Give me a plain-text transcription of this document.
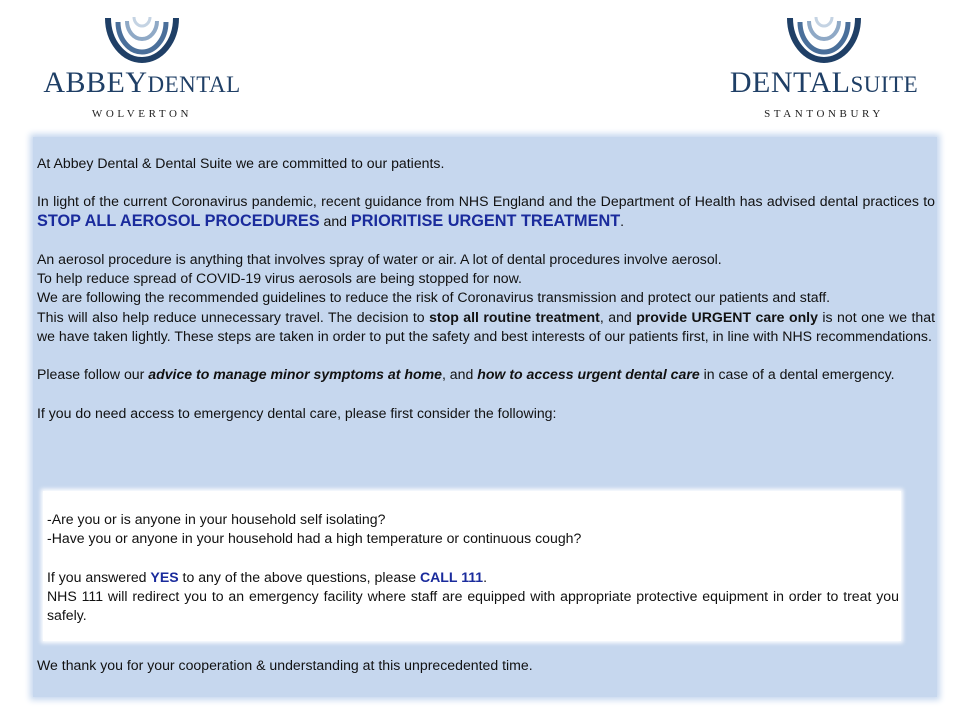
ABBEYDENTAL
WOLVERTON
DENTALSUITE
STANTONBURY

At Abbey Dental & Dental Suite we are committed to our patients.

In light of the current Coronavirus pandemic, recent guidance from NHS England and the Department of Health has advised dental practices to STOP ALL AEROSOL PROCEDURES and PRIORITISE URGENT TREATMENT.

An aerosol procedure is anything that involves spray of water or air. A lot of dental procedures involve aerosol.

To help reduce spread of COVID-19 virus aerosols are being stopped for now.

We are following the recommended guidelines to reduce the risk of Coronavirus transmission and protect our patients and staff.

This will also help reduce unnecessary travel. The decision to stop all routine treatment, and provide URGENT care only is not one we that we have taken lightly. These steps are taken in order to put the safety and best interests of our patients first, in line with NHS recommendations.

Please follow our advice to manage minor symptoms at home, and how to access urgent dental care in case of a dental emergency.

If you do need access to emergency dental care, please first consider the following:

-Are you or is anyone in your household self isolating?

-Have you or anyone in your household had a high temperature or continuous cough?

If you answered YES to any of the above questions, please CALL 111.

NHS 111 will redirect you to an emergency facility where staff are equipped with appropriate protective equipment in order to treat you safely.

We thank you for your cooperation & understanding at this unprecedented time.
